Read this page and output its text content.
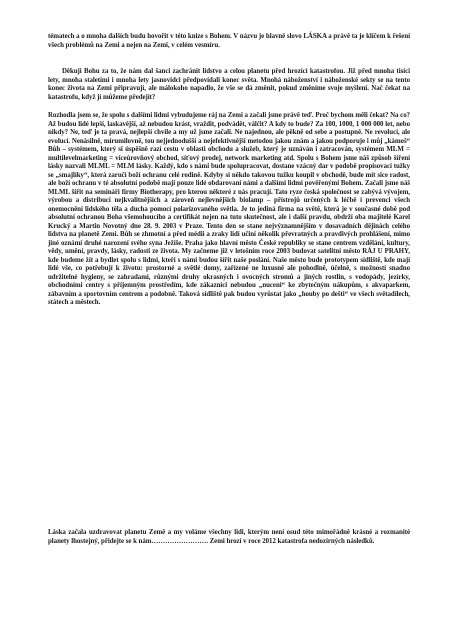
tématech a o mnoha dalších budu hovořit v této knize s Bohem. V názvu je hlavně slovo LÁSKA a právě ta je klíčem k řešení všech problémů na Zemi a nejen na Zemi, v celém vesmíru.

Děkuji Bohu za to, že nám dal šanci zachránit lidstvo a celou planetu před hrozící katastrofou. Již před mnoha tisíci lety, mnoha staletími i mnoha lety jasnovidci předpovídali konec světa. Mnohá náboženství i náboženské sekty se na tento konec života na Zemi připravují, ale málokoho napadlo, že vše se dá změnit, pokud změníme svoje myšlení. Nač čekat na katastrofu, když jí můžeme předejít?

Rozhodla jsem se, že spolu s dalšími lidmi vybudujeme ráj na Zemi a začali jsme právě teď. Proč bychom měli čekat? Na co? Až budou lidé lepší, laskavější, až nebudou krást, vraždit, podvádět, válčit? A kdy to bude? Za 100, 1000, 1 000 000 let, nebo nikdy? Ne, teď je ta pravá, nejlepší chvíle a my už jsme začali. Ne najednou, ale pěkně od sebe a postupně. Ne revolucí, ale evolucí. Nenásilně, mírumilovně, tou nejjednodušší a nejefektivnější metodou jakou znám a jakou podporuje i můj „kámoš“ Bůh – systémem, který si úspěšně razí cestu v oblasti obchodu a služeb, který je uznáván i zatracován, systémem MLM = multilevelmarketing = víceúrovňový obchod, síťový prodej, network marketing atd. Spolu s Bohem jsme náš způsob šíření lásky nazvali MLML = MLM lásky. Každý, kdo s námi bude spolupracovat, dostane vzácný dar v podobě propisovací tužky se „smajlíky“, která zaručí boží ochranu celé rodině. Kdyby si někdo takovou tužku koupil v obchodě, bude mít sice radost, ale boží ochranu v té absolutní podobě mají pouze lidé obdarovaní námi a dalšími lidmi pověřenými Bohem. Začali jsme náš MLML šířit na semináři firmy Biotherapy, pro kterou některé z nás pracují. Tato ryze česká společnost se zabývá vývojem, výrobou a distribucí nejkvalitnějších a zároveň nejlevnějších biolamp – přístrojů určených k léčbě i prevenci všech onemocnění lidského těla a ducha pomocí polarizovaného světla. Je to jediná firma na světě, která je v současné době pod absolutní ochranou Boha všemohoucího a certifikát nejen na tuto skutečnost, ale i další pravdu, obdrží oba majitelé Karel Krucký a Martin Novotný dne 28. 9. 2003 v Praze. Tento den se stane nejvýznamnějším v dosavadních dějinách celého lidstva na planetě Zemi. Bůh se zhmotní a před médii a zraky lidí učiní několik převratných a pravdivých prohlášení, mimo jiné oznámí druhé narození svého syna Ježíše. Praha jako hlavní město České republiky se stane centrem vzdělání, kultury, vědy, umění, pravdy, lásky, radosti ze života. My začneme již v letošním roce 2003 budovat satelitní město RÁJ U PRAHY, kde budeme žít a bydlet spolu s lidmi, kteří s námi budou šířit naše poslání. Naše město bude prototypem sídliště, kde mají lidé vše, co potřebují k životu: prostorné a světlé domy, zařízené ne luxusně ale pohodlně, účelně, s možností snadno udržitelné hygieny, se zahradami, různými druhy okrasných i ovocných stromů a jiných rostlin, s vodopády, jezírky, obchodními centry s příjemným prostředím, kde zákazníci nebudou „nuceni“ ke zbytečným nákupům, s akvaparkem, zábavním a sportovním centrem a podobně. Taková sídliště pak budou vyrůstat jako „houby po dešti“ ve všech světadílech, státech a městech.

Láska začala uzdravovat planetu Země a my voláme všechny lidi, kterým není osud této mimořádně krásné a rozmanité planety lhostejný, přidejte se k nám……………………. Zemi hrozí v roce 2012 katastrofa nedozírných následků.
